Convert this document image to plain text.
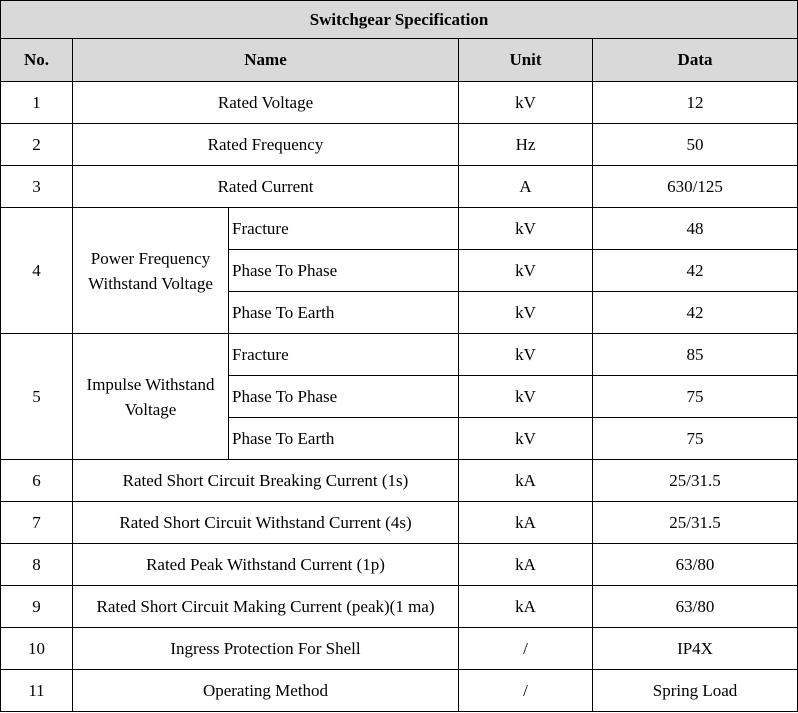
Switchgear Specification				
No.	Name		Unit	Data
1	Rated Voltage		kV	12
2	Rated Frequency		Hz	50
3	Rated Current		A	630/125
4	Power Frequency Withstand Voltage	Fracture	kV	48
		Phase To Phase	kV	42
		Phase To Earth	kV	42
5	Impulse Withstand Voltage	Fracture	kV	85
		Phase To Phase	kV	75
		Phase To Earth	kV	75
6	Rated Short Circuit Breaking Current (1s)		kA	25/31.5
7	Rated Short Circuit Withstand Current (4s)		kA	25/31.5
8	Rated Peak Withstand Current (1p)		kA	63/80
9	Rated Short Circuit Making Current (peak)(1 ma)		kA	63/80
10	Ingress Protection For Shell		/	IP4X
11	Operating Method		/	Spring Load
